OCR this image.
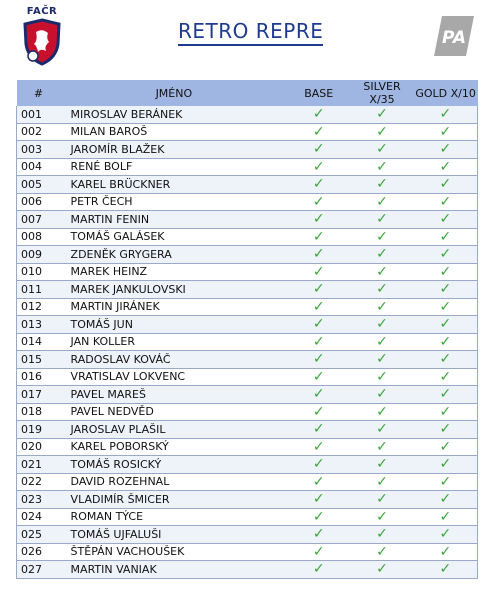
FAČR
RETRO REPRE	PA
#	JMÉNO	BASE	SILVER X/35	GOLD X/10
001	MIROSLAV BERÁNEK	✓	✓	✓
002	MILAN BAROŠ	✓	✓	✓
003	JAROMÍR BLAŽEK	✓	✓	✓
004	RENÉ BOLF	✓	✓	✓
005	KAREL BRÜCKNER	✓	✓	✓
006	PETR ČECH	✓	✓	✓
007	MARTIN FENIN	✓	✓	✓
008	TOMÁŠ GALÁSEK	✓	✓	✓
009	ZDENĚK GRYGERA	✓	✓	✓
010	MAREK HEINZ	✓	✓	✓
011	MAREK JANKULOVSKI	✓	✓	✓
012	MARTIN JIRÁNEK	✓	✓	✓
013	TOMÁŠ JUN	✓	✓	✓
014	JAN KOLLER	✓	✓	✓
015	RADOSLAV KOVÁČ	✓	✓	✓
016	VRATISLAV LOKVENC	✓	✓	✓
017	PAVEL MAREŠ	✓	✓	✓
018	PAVEL NEDVĚD	✓	✓	✓
019	JAROSLAV PLAŠIL	✓	✓	✓
020	KAREL POBORSKÝ	✓	✓	✓
021	TOMÁŠ ROSICKÝ	✓	✓	✓
022	DAVID ROZEHNAL	✓	✓	✓
023	VLADIMÍR ŠMICER	✓	✓	✓
024	ROMAN TÝCE	✓	✓	✓
025	TOMÁŠ UJFALUŠI	✓	✓	✓
026	ŠTĚPÁN VACHOUŠEK	✓	✓	✓
027	MARTIN VANIAK	✓	✓	✓
